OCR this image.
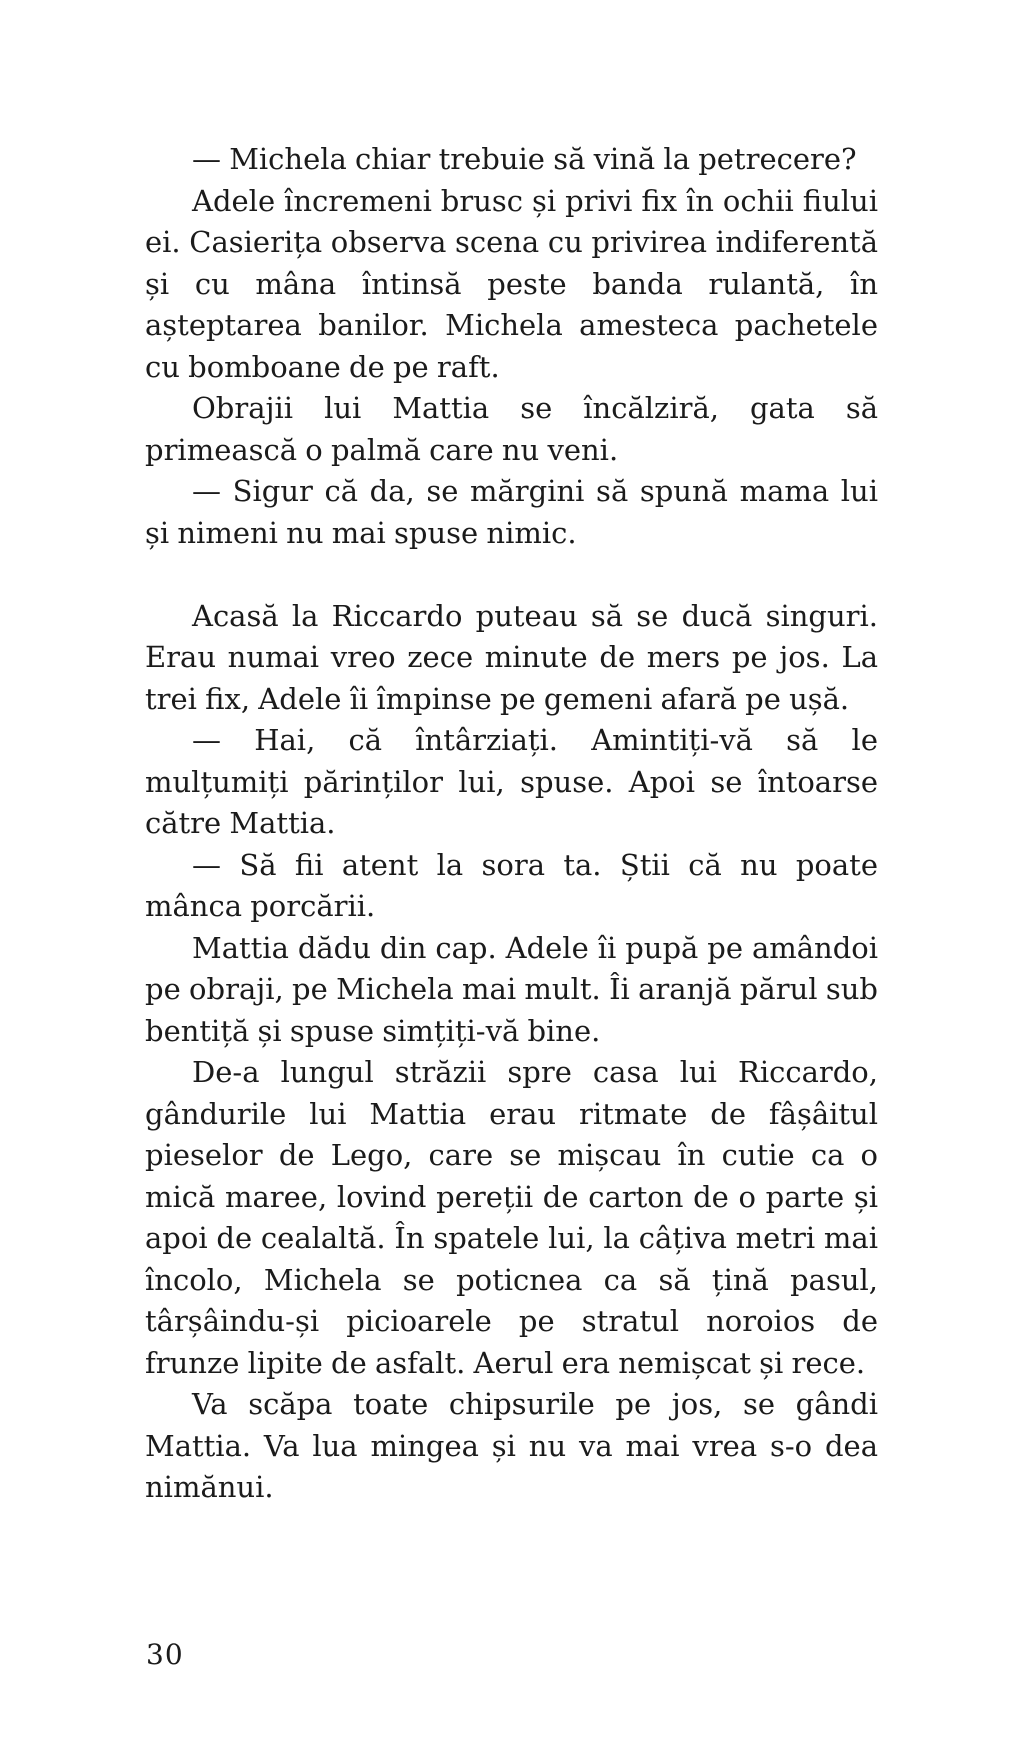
— Michela chiar trebuie să vină la petrecere?

Adele încremeni brusc și privi fix în ochii fiului ei. Casierița observa scena cu privirea indiferentă și cu mâna întinsă peste banda rulantă, în așteptarea banilor. Michela amesteca pachetele cu bomboane de pe raft.

Obrajii lui Mattia se încălziră, gata să primească o palmă care nu veni.

— Sigur că da, se mărgini să spună mama lui și nimeni nu mai spuse nimic.

Acasă la Riccardo puteau să se ducă singuri. Erau numai vreo zece minute de mers pe jos. La trei fix, Adele îi împinse pe gemeni afară pe ușă.

— Hai, că întârziați. Amintiți-vă să le mulțumiți părinților lui, spuse. Apoi se întoarse către Mattia.

— Să fii atent la sora ta. Știi că nu poate mânca porcării.

Mattia dădu din cap. Adele îi pupă pe amândoi pe obraji, pe Michela mai mult. Îi aranjă părul sub bentiță și spuse simțiți-vă bine.

De-a lungul străzii spre casa lui Riccardo, gândurile lui Mattia erau ritmate de fâșâitul pieselor de Lego, care se mișcau în cutie ca o mică maree, lovind pereții de carton de o parte și apoi de cealaltă. În spatele lui, la câțiva metri mai încolo, Michela se poticnea ca să țină pasul, târșâindu-și picioarele pe stratul noroios de frunze lipite de asfalt. Aerul era nemișcat și rece.

Va scăpa toate chipsurile pe jos, se gândi Mattia. Va lua mingea și nu va mai vrea s-o dea nimănui.

30
